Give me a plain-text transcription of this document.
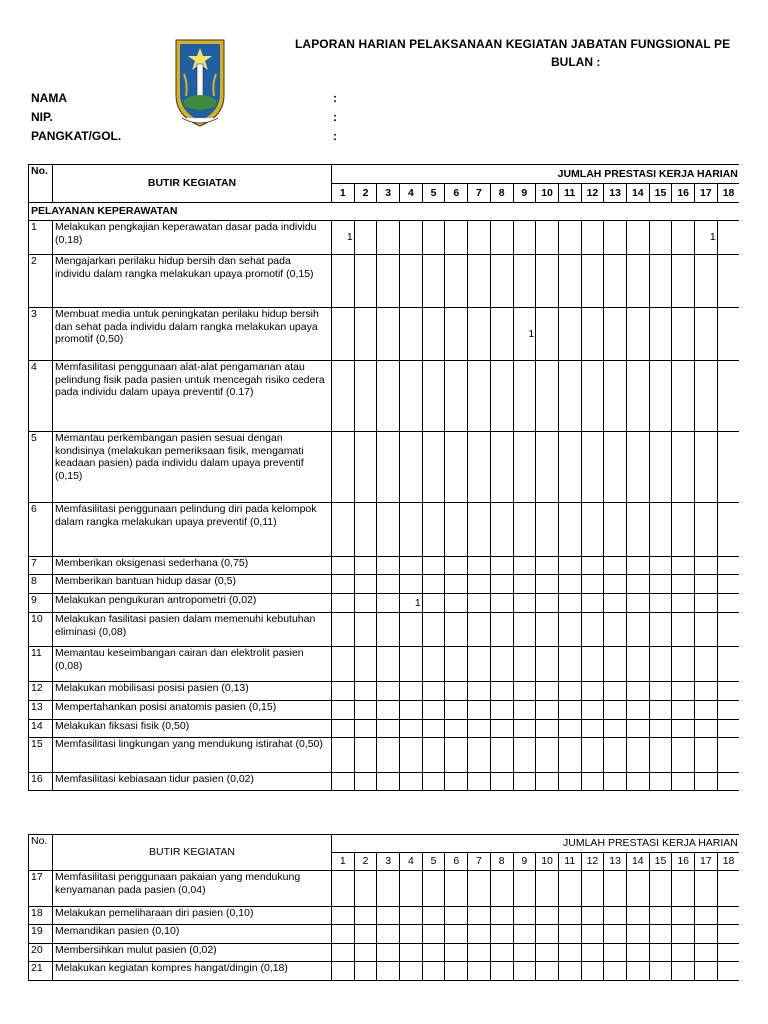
LAPORAN HARIAN PELAKSANAAN KEGIATAN JABATAN FUNGSIONAL PE
BULAN :
NAMA	:
NIP.	:
PANGKAT/GOL.	:
No.	BUTIR KEGIATAN	JUMLAH PRESTASI KERJA HARIAN																	
		1	2	3	4	5	6	7	8	9	10	11	12	13	14	15	16	17	18
PELAYANAN KEPERAWATAN																			
1	Melakukan pengkajian keperawatan dasar pada individu (0,18)	1																1	
2	Mengajarkan perilaku hidup bersih dan sehat pada individu dalam rangka melakukan upaya promotif (0,15)																		
3	Membuat media untuk peningkatan perilaku hidup bersih dan sehat pada individu dalam rangka melakukan upaya promotif (0,50)									1									
4	Memfasilitasi penggunaan alat-alat pengamanan atau pelindung fisik pada pasien untuk mencegah risiko cedera pada individu dalam upaya preventif (0.17)																		
5	Memantau perkembangan pasien sesuai dengan kondisinya (melakukan pemeriksaan fisik, mengamati keadaan pasien) pada individu dalam upaya preventif (0,15)																		
6	Memfasilitasi penggunaan pelindung diri pada kelompok dalam rangka melakukan upaya preventif (0,11)																		
7	Memberikan oksigenasi sederhana (0,75)																		
8	Memberikan bantuan hidup dasar (0,5)																		
9	Melakukan pengukuran antropometri (0,02)				1														
10	Melakukan fasilitasi pasien dalam memenuhi kebutuhan eliminasi (0,08)																		
11	Memantau keseimbangan cairan dan elektrolit pasien (0,08)																		
12	Melakukan mobilisasi posisi pasien (0,13)																		
13	Mempertahankan posisi anatomis pasien (0,15)																		
14	Melakukan fiksasi fisik (0,50)																		
15	Memfasilitasi lingkungan yang mendukung istirahat (0,50)																		
16	Memfasilitasi kebiasaan tidur pasien (0,02)																		
No.	BUTIR KEGIATAN	JUMLAH PRESTASI KERJA HARIAN																	
		1	2	3	4	5	6	7	8	9	10	11	12	13	14	15	16	17	18
17	Memfasilitasi penggunaan pakaian yang mendukung kenyamanan pada pasien (0,04)																		
18	Melakukan pemeliharaan diri pasien (0,10)																		
19	Memandikan pasien (0,10)																		
20	Membersihkan mulut pasien (0,02)																		
21	Melakukan kegiatan kompres hangat/dingin (0,18)																		
